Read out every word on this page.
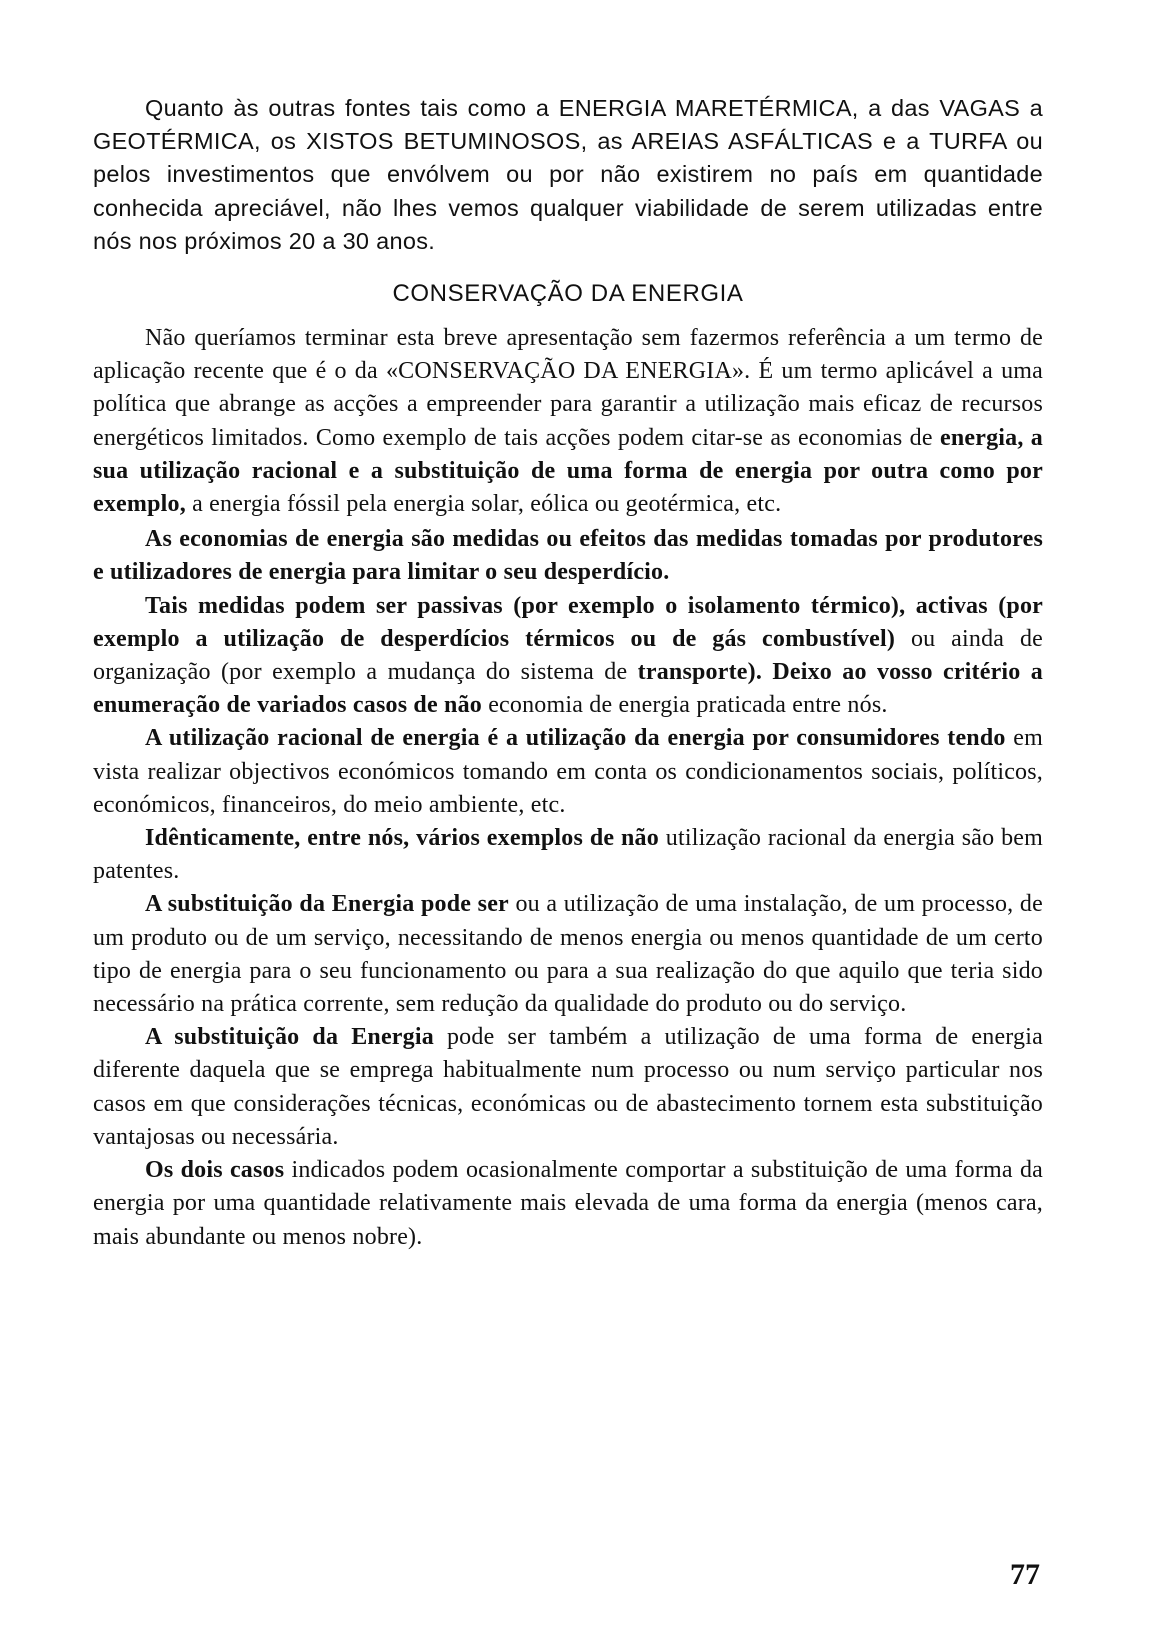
Quanto às outras fontes tais como a ENERGIA MARETÉRMICA, a das VAGAS a GEOTÉRMICA, os XISTOS BETUMINOSOS, as AREIAS ASFÁLTICAS e a TURFA ou pelos investimentos que envólvem ou por não existirem no país em quantidade conhecida apreciável, não lhes vemos qualquer viabilidade de serem utilizadas entre nós nos próximos 20 a 30 anos.

CONSERVAÇÃO DA ENERGIA

Não queríamos terminar esta breve apresentação sem fazermos referência a um termo de aplicação recente que é o da «CONSERVAÇÃO DA ENERGIA». É um termo aplicável a uma política que abrange as acções a empreender para garantir a utilização mais eficaz de recursos energéticos limitados. Como exemplo de tais acções podem citar-se as economias de energia, a sua utilização racional e a substituição de uma forma de energia por outra como por exemplo, a energia fóssil pela energia solar, eólica ou geotérmica, etc.

As economias de energia são medidas ou efeitos das medidas tomadas por produtores e utilizadores de energia para limitar o seu desperdício.

Tais medidas podem ser passivas (por exemplo o isolamento térmico), activas (por exemplo a utilização de desperdícios térmicos ou de gás combustível) ou ainda de organização (por exemplo a mudança do sistema de transporte). Deixo ao vosso critério a enumeração de variados casos de não economia de energia praticada entre nós.

A utilização racional de energia é a utilização da energia por consumidores tendo em vista realizar objectivos económicos tomando em conta os condicionamentos sociais, políticos, económicos, financeiros, do meio ambiente, etc.

Idênticamente, entre nós, vários exemplos de não utilização racional da energia são bem patentes.

A substituição da Energia pode ser ou a utilização de uma instalação, de um processo, de um produto ou de um serviço, necessitando de menos energia ou menos quantidade de um certo tipo de energia para o seu funcionamento ou para a sua realização do que aquilo que teria sido necessário na prática corrente, sem redução da qualidade do produto ou do serviço.

A substituição da Energia pode ser também a utilização de uma forma de energia diferente daquela que se emprega habitualmente num processo ou num serviço particular nos casos em que considerações técnicas, económicas ou de abastecimento tornem esta substituição vantajosas ou necessária.

Os dois casos indicados podem ocasionalmente comportar a substituição de uma forma da energia por uma quantidade relativamente mais elevada de uma forma da energia (menos cara, mais abundante ou menos nobre).

77
